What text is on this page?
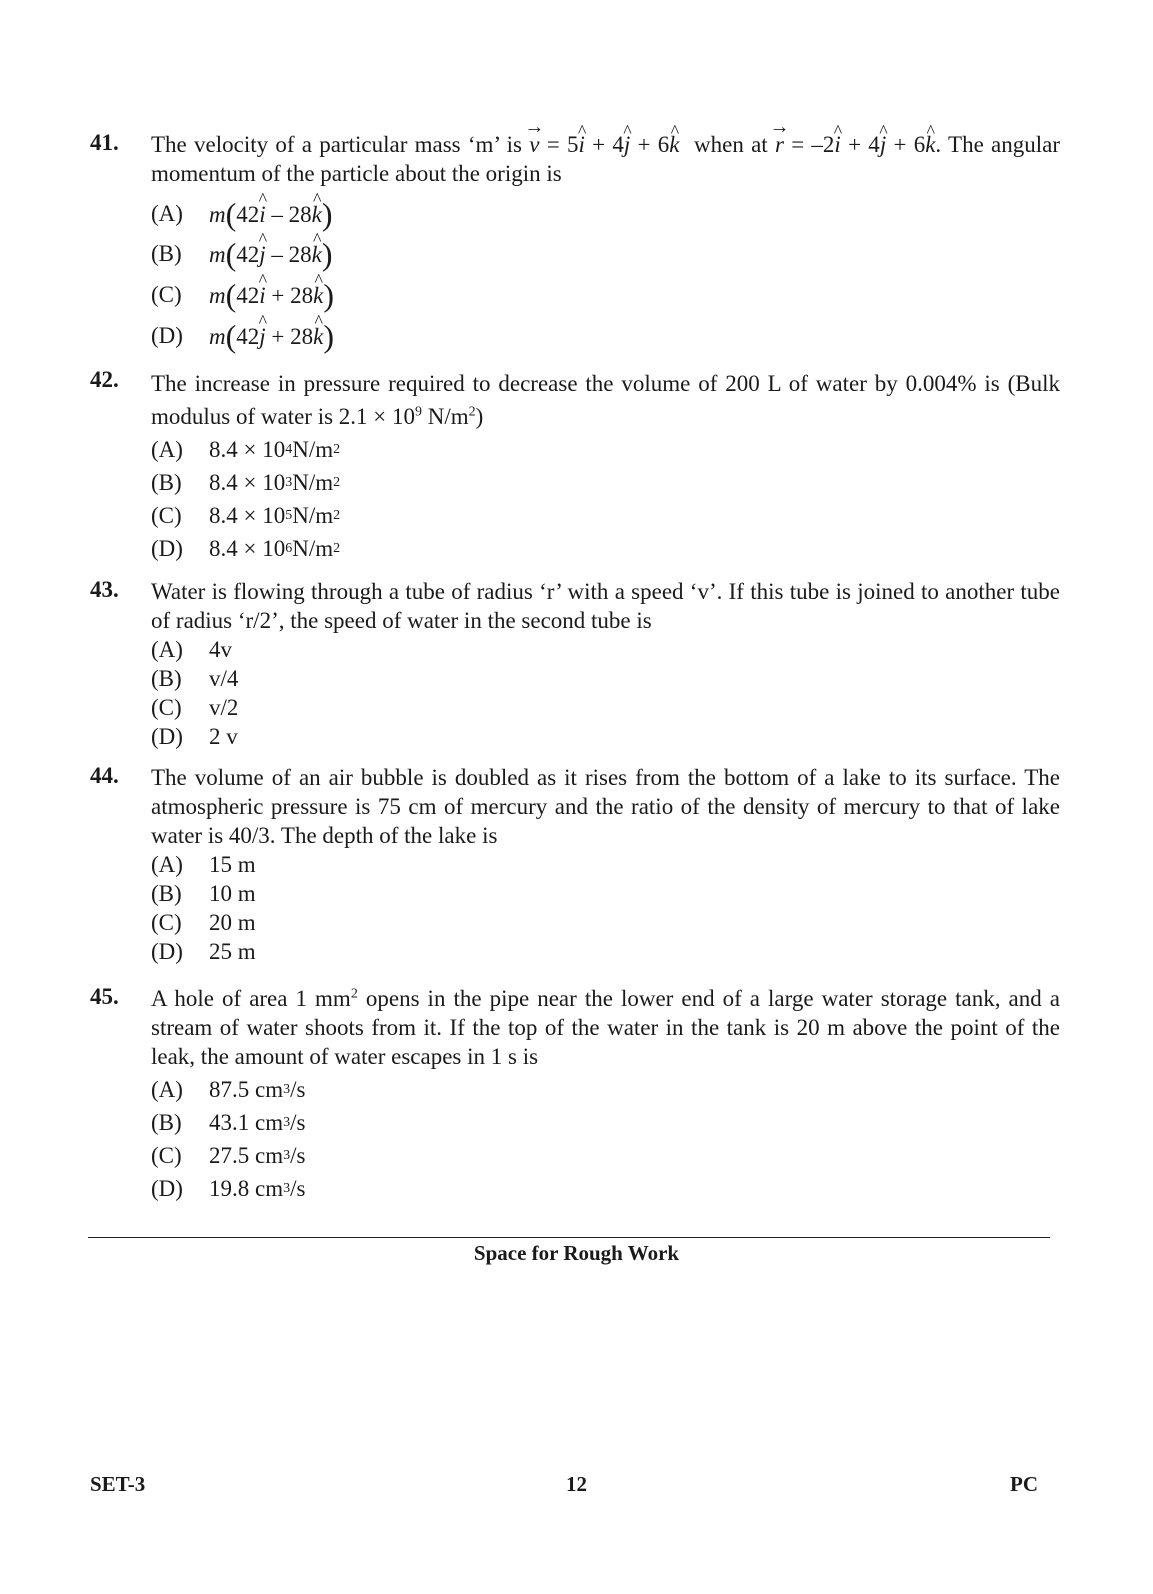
41. The velocity of a particular mass ‘m’ is → v = 5^ i + 4^ j + 6^ k when at → r = –2^ i + 4^ j + 6^ k. The angular momentum of the particle about the origin is
(A)	m(42^ i – 28^ k)
(B)	m(42^ j – 28^ k)
(C)	m(42^ i + 28^ k)
(D)	m(42^ j + 28^ k)
42. The increase in pressure required to decrease the volume of 200 L of water by 0.004% is (Bulk modulus of water is $2.1 \times 10^9$ $N/m^2$)
(A)	8.4 × 10 4 N/m 2
(B)	8.4 × 10 3 N/m 2
(C)	8.4 × 10 5 N/m 2
(D)	8.4 × 10 6 N/m 2
43. Water is flowing through a tube of radius ‘r’ with a speed ‘v’. If this tube is joined to another tube of radius ‘r/2’, the speed of water in the second tube is
(A)	4v
(B)	v/4
(C)	v/2
(D)	2 v
44. The volume of an air bubble is doubled as it rises from the bottom of a lake to its surface. The atmospheric pressure is 75 cm of mercury and the ratio of the density of mercury to that of lake water is 40/3. The depth of the lake is
(A)	15 m
(B)	10 m
(C)	20 m
(D)	25 m
45. A hole of area 1 $mm^2$ opens in the pipe near the lower end of a large water storage tank, and a stream of water shoots from it. If the top of the water in the tank is 20 m above the point of the leak, the amount of water escapes in 1 s is
(A)	87.5 cm 3 /s
(B)	43.1 cm 3 /s
(C)	27.5 cm 3 /s
(D)	19.8 cm 3 /s
Space for Rough Work
SET-3	12	PC
